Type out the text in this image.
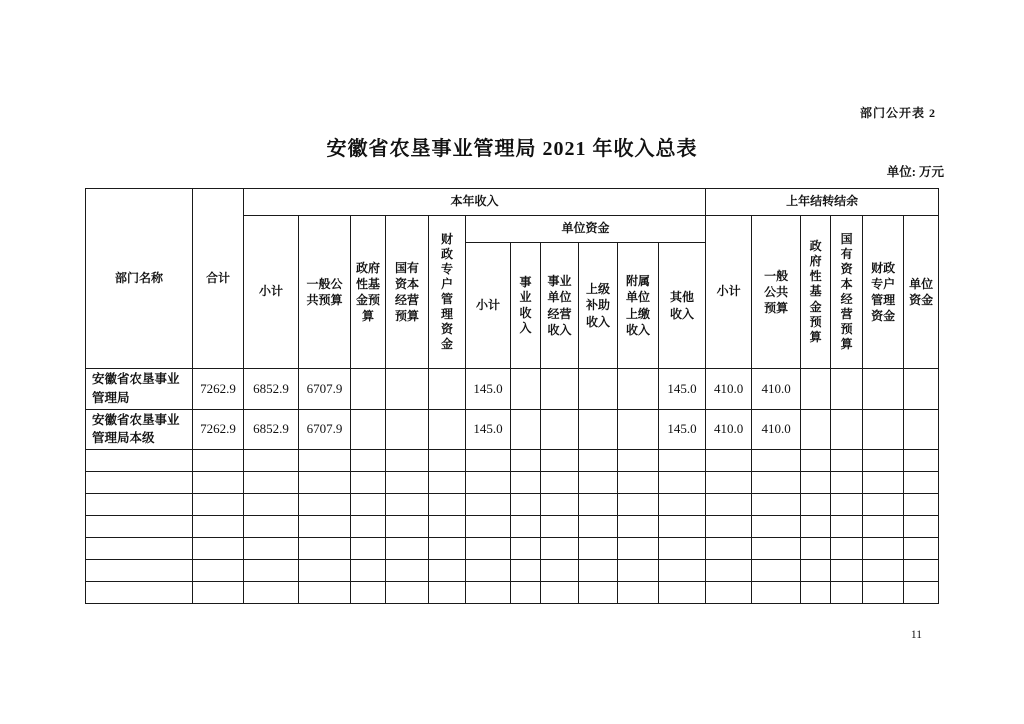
部门公开表 2
安徽省农垦事业管理局 2021 年收入总表
单位: 万元
11
部门名称	合计	本年收入											上年结转结余					
		小计	一般公共预算	政府性基金预算	国有资本经营预算	财政专户管理资金	单位资金						小计	一般公共预算	政府性基金预算	国有资本经营预算	财政专户管理资金	单位资金
							小计	事业收入	事业单位经营收入	上级补助收入	附属单位上缴收入	其他收入						
安徽省农垦事业管理局	7262.9	6852.9	6707.9				145.0					145.0	410.0	410.0				
安徽省农垦事业管理局本级	7262.9	6852.9	6707.9				145.0					145.0	410.0	410.0				
